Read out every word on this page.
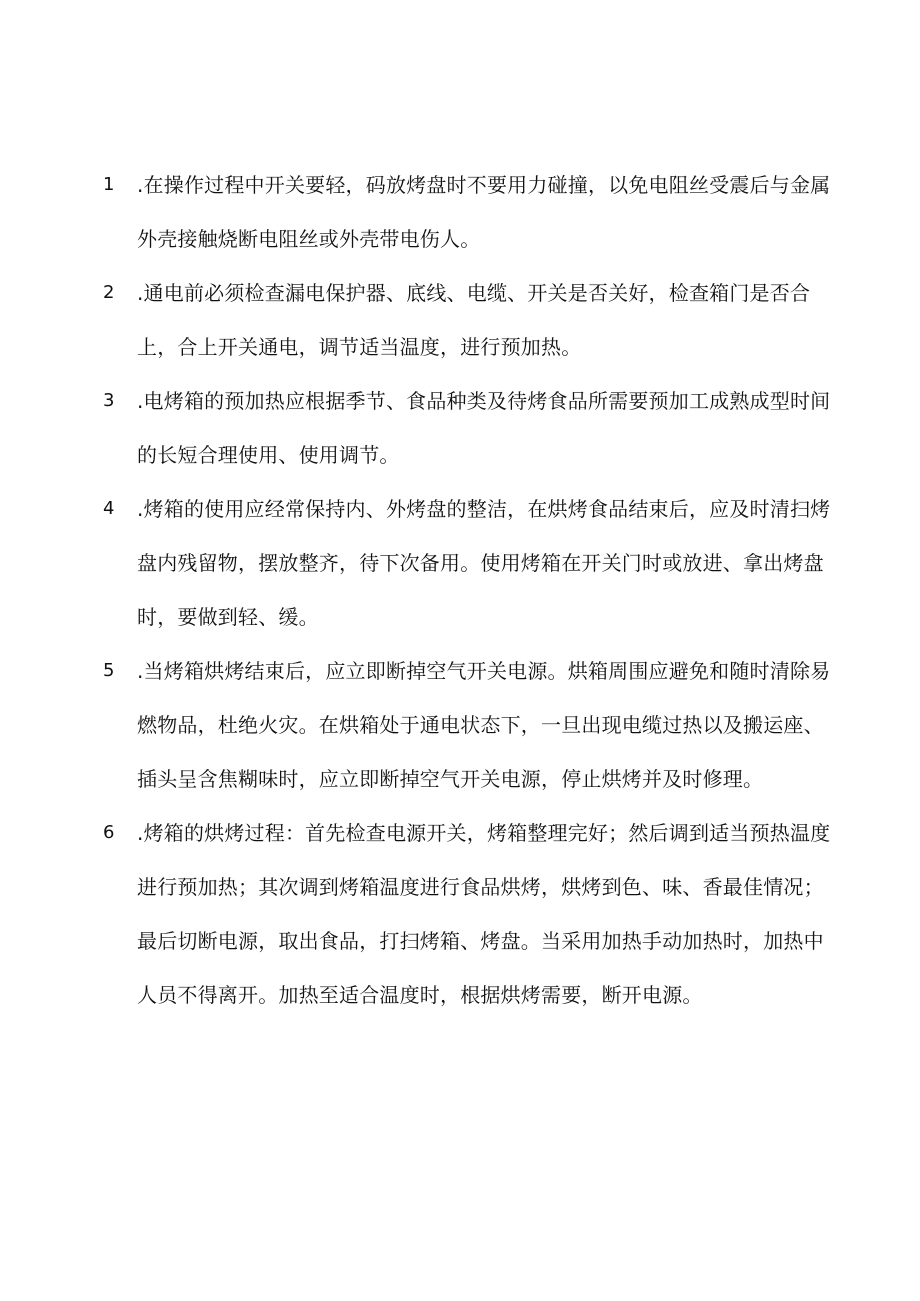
1 .在操作过程中开关要轻，码放烤盘时不要用力碰撞，以免电阻丝受震后与金属外壳接触烧断电阻丝或外壳带电伤人。
2 .通电前必须检查漏电保护器、底线、电缆、开关是否关好，检查箱门是否合上，合上开关通电，调节适当温度，进行预加热。
3 .电烤箱的预加热应根据季节、食品种类及待烤食品所需要预加工成熟成型时间的长短合理使用、使用调节。
4 .烤箱的使用应经常保持内、外烤盘的整洁，在烘烤食品结束后，应及时清扫烤盘内残留物，摆放整齐，待下次备用。使用烤箱在开关门时或放进、拿出烤盘时，要做到轻、缓。
5 .当烤箱烘烤结束后，应立即断掉空气开关电源。烘箱周围应避免和随时清除易燃物品，杜绝火灾。在烘箱处于通电状态下，一旦出现电缆过热以及搬运座、插头呈含焦糊味时，应立即断掉空气开关电源，停止烘烤并及时修理。
6 .烤箱的烘烤过程：首先检查电源开关，烤箱整理完好；然后调到适当预热温度进行预加热；其次调到烤箱温度进行食品烘烤，烘烤到色、味、香最佳情况；最后切断电源，取出食品，打扫烤箱、烤盘。当采用加热手动加热时，加热中人员不得离开。加热至适合温度时，根据烘烤需要，断开电源。
